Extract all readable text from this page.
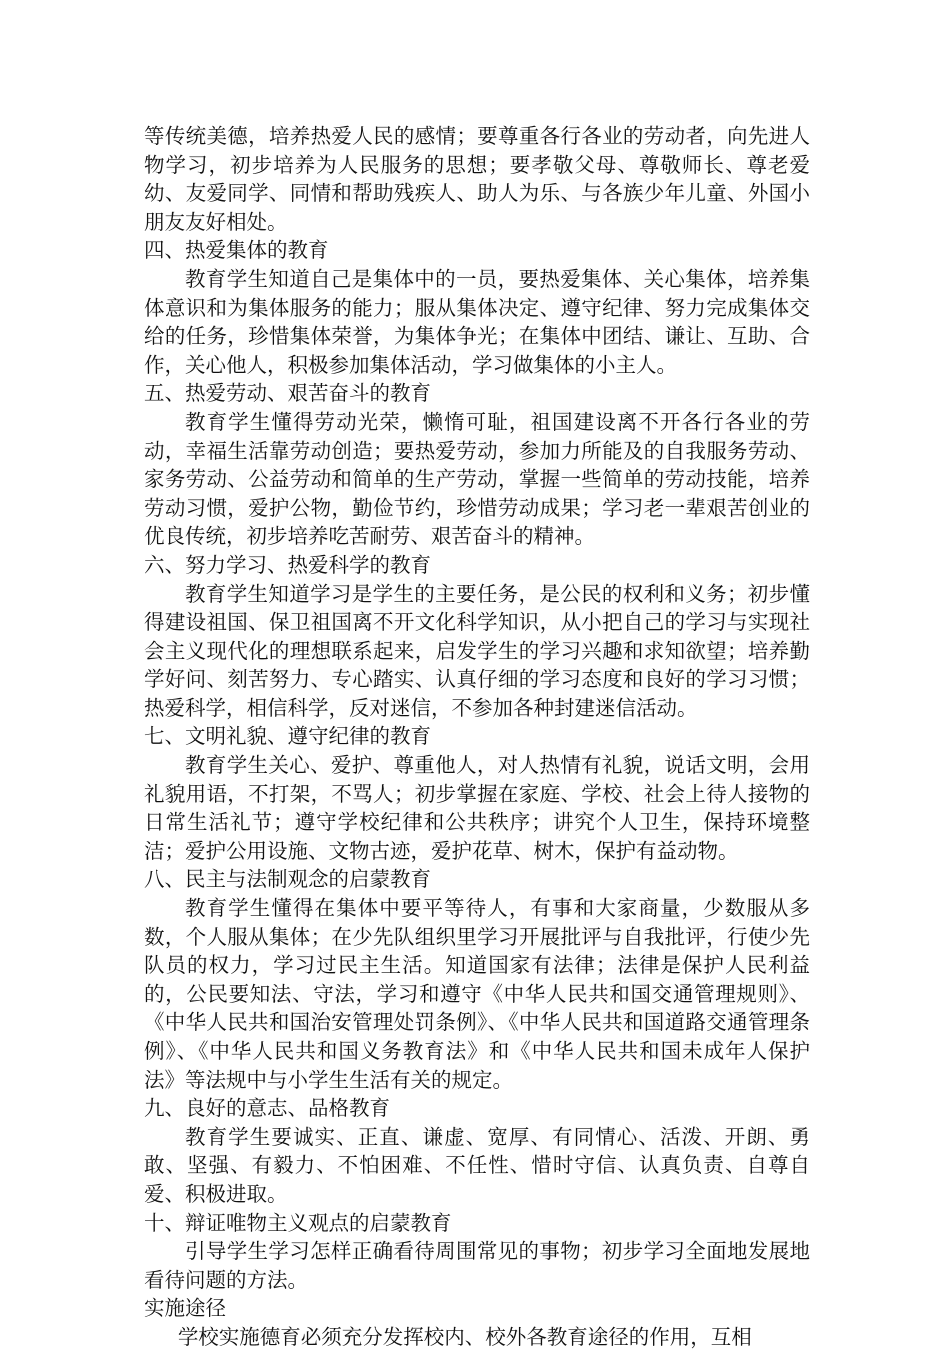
等传统美德，培养热爱人民的感情；要尊重各行各业的劳动者，向先进人物学习，初步培养为人民服务的思想；要孝敬父母、尊敬师长、尊老爱幼、友爱同学、同情和帮助残疾人、助人为乐、与各族少年儿童、外国小朋友友好相处。

四、热爱集体的教育

教育学生知道自己是集体中的一员，要热爱集体、关心集体，培养集体意识和为集体服务的能力；服从集体决定、遵守纪律、努力完成集体交给的任务，珍惜集体荣誉，为集体争光；在集体中团结、谦让、互助、合作，关心他人，积极参加集体活动，学习做集体的小主人。

五、热爱劳动、艰苦奋斗的教育

教育学生懂得劳动光荣，懒惰可耻，祖国建设离不开各行各业的劳动，幸福生活靠劳动创造；要热爱劳动，参加力所能及的自我服务劳动、家务劳动、公益劳动和简单的生产劳动，掌握一些简单的劳动技能，培养劳动习惯，爱护公物，勤俭节约，珍惜劳动成果；学习老一辈艰苦创业的优良传统，初步培养吃苦耐劳、艰苦奋斗的精神。

六、努力学习、热爱科学的教育

教育学生知道学习是学生的主要任务，是公民的权利和义务；初步懂得建设祖国、保卫祖国离不开文化科学知识，从小把自己的学习与实现社会主义现代化的理想联系起来，启发学生的学习兴趣和求知欲望；培养勤学好问、刻苦努力、专心踏实、认真仔细的学习态度和良好的学习习惯；热爱科学，相信科学，反对迷信，不参加各种封建迷信活动。

七、文明礼貌、遵守纪律的教育

教育学生关心、爱护、尊重他人，对人热情有礼貌，说话文明，会用礼貌用语，不打架，不骂人；初步掌握在家庭、学校、社会上待人接物的日常生活礼节；遵守学校纪律和公共秩序；讲究个人卫生，保持环境整洁；爱护公用设施、文物古迹，爱护花草、树木，保护有益动物。

八、民主与法制观念的启蒙教育

教育学生懂得在集体中要平等待人，有事和大家商量，少数服从多数，个人服从集体；在少先队组织里学习开展批评与自我批评，行使少先队员的权力，学习过民主生活。知道国家有法律；法律是保护人民利益的，公民要知法、守法，学习和遵守《中华人民共和国交通管理规则》、《中华人民共和国治安管理处罚条例》、《中华人民共和国道路交通管理条例》、《中华人民共和国义务教育法》和《中华人民共和国未成年人保护法》等法规中与小学生生活有关的规定。

九、良好的意志、品格教育

教育学生要诚实、正直、谦虚、宽厚、有同情心、活泼、开朗、勇敢、坚强、有毅力、不怕困难、不任性、惜时守信、认真负责、自尊自爱、积极进取。

十、辩证唯物主义观点的启蒙教育

引导学生学习怎样正确看待周围常见的事物；初步学习全面地发展地看待问题的方法。

实施途径

学校实施德育必须充分发挥校内、校外各教育途径的作用，互相
